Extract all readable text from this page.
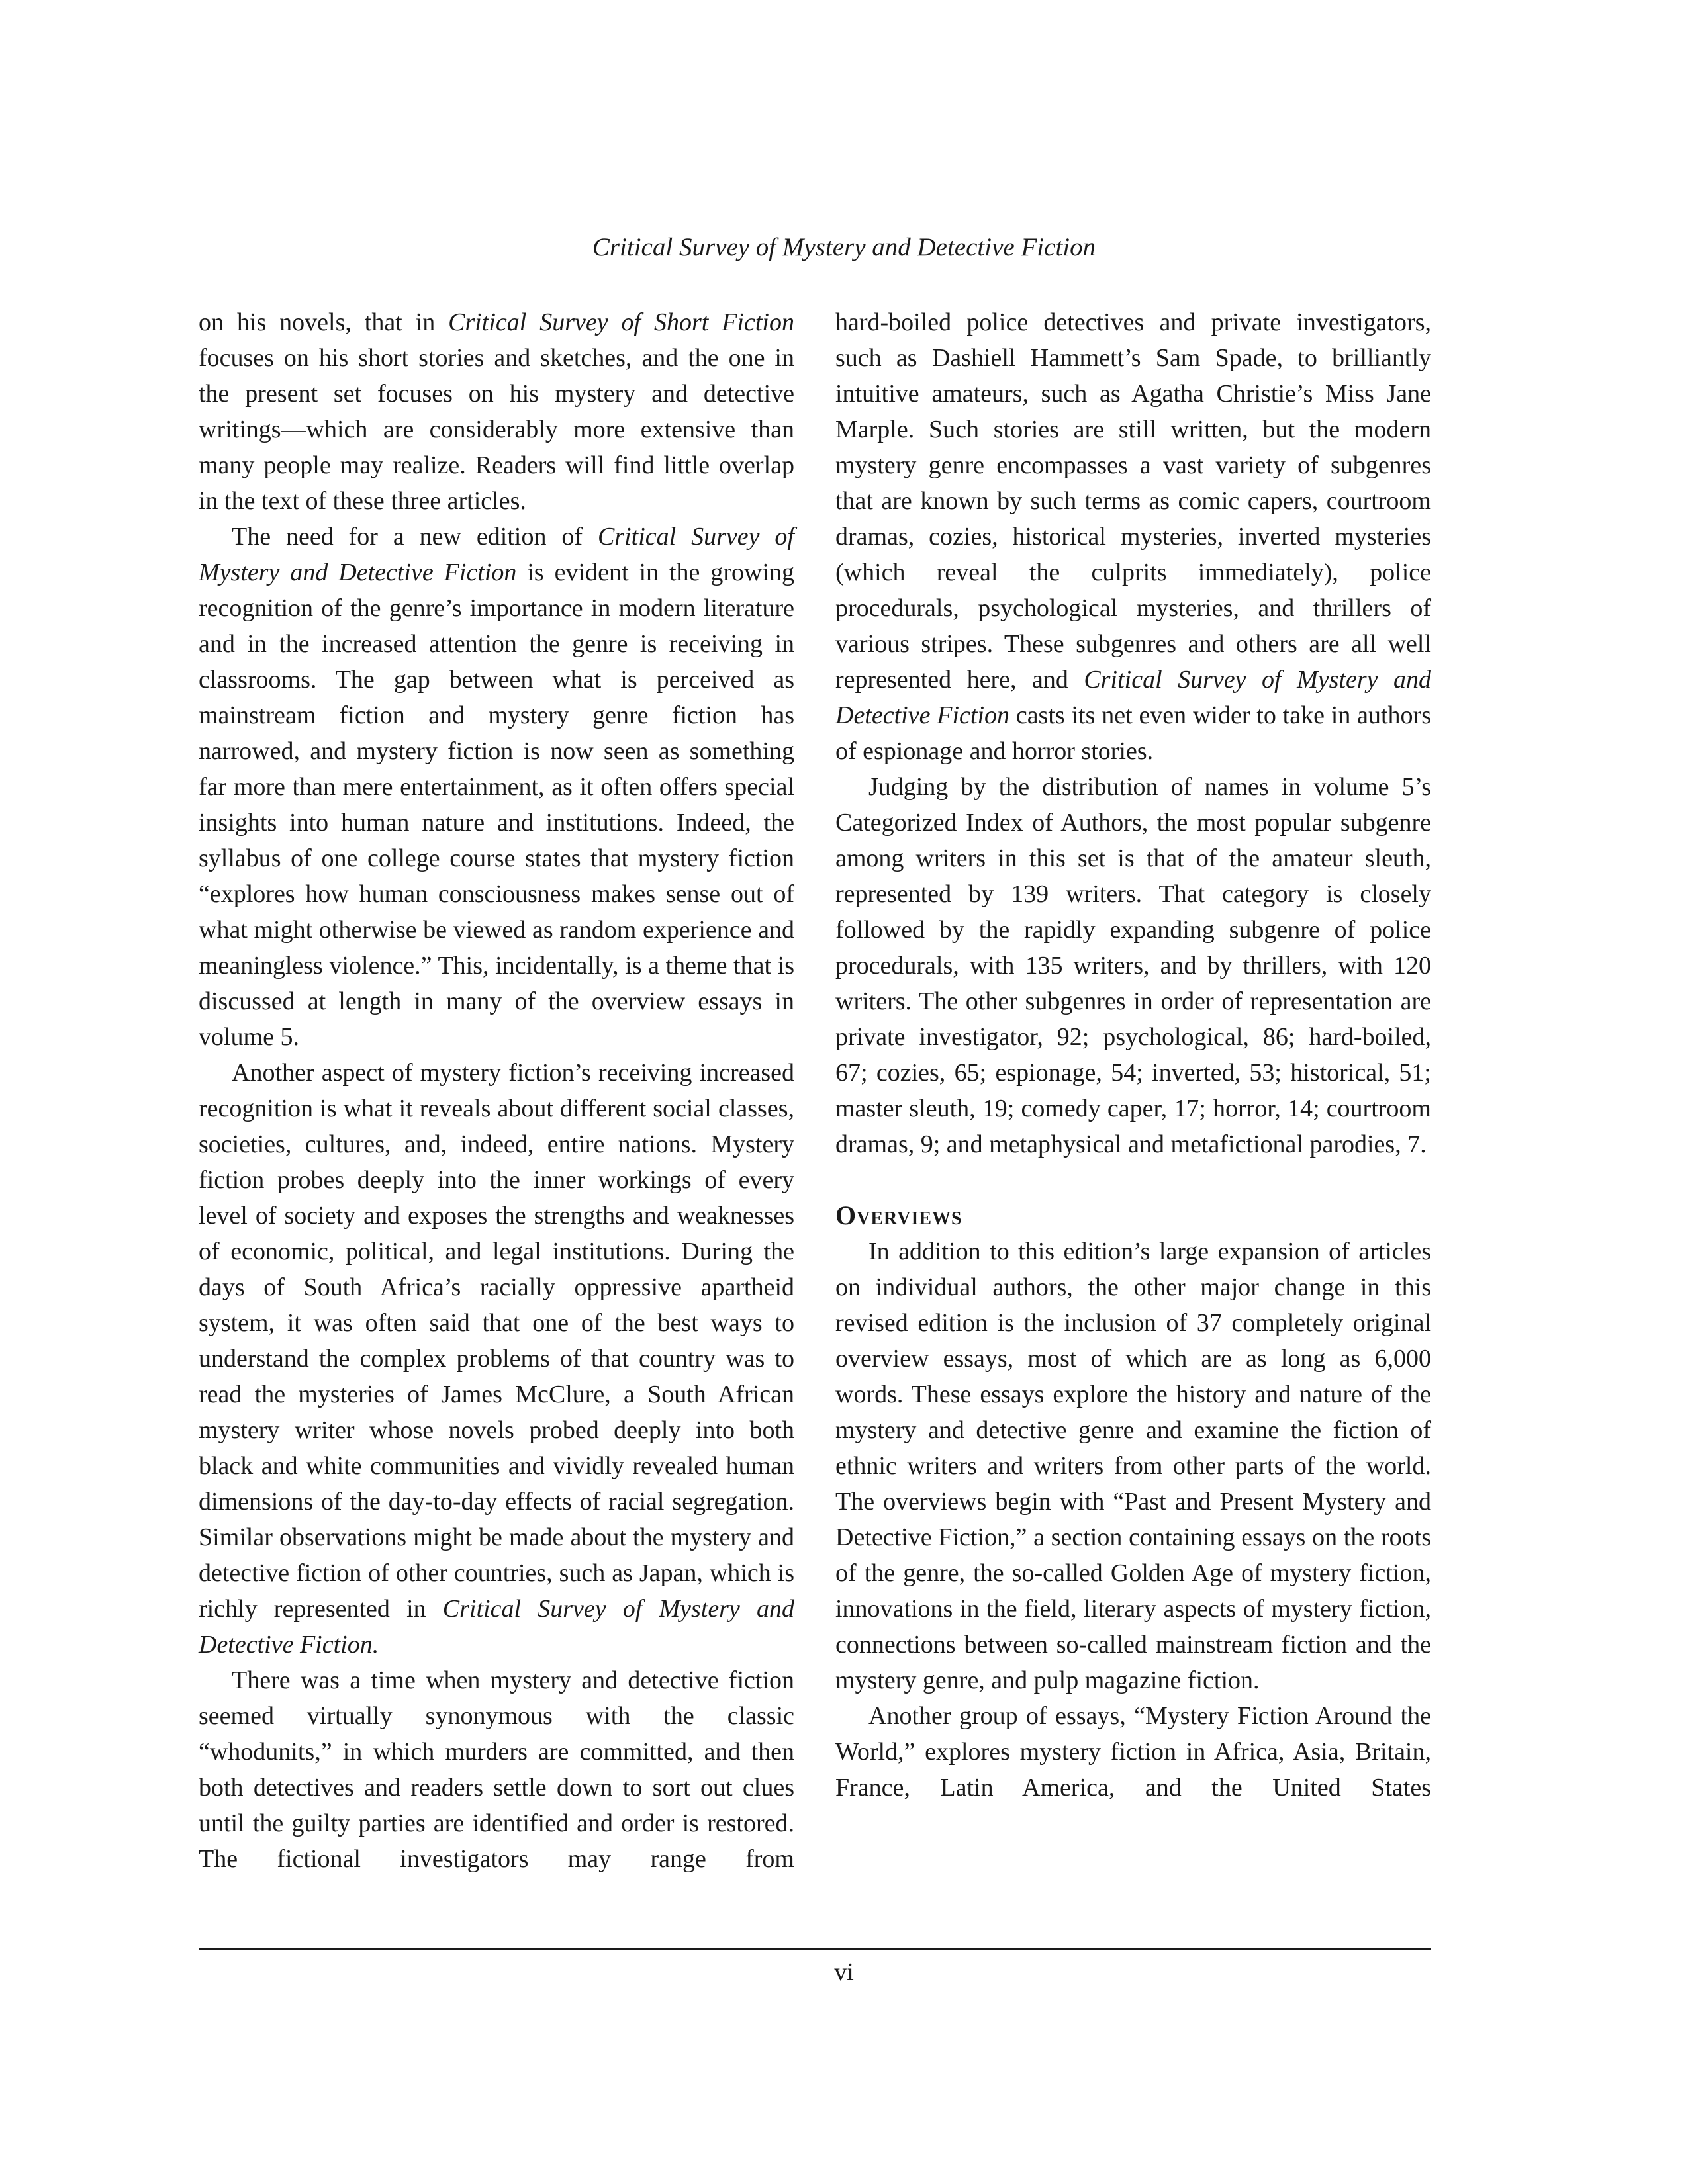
Critical Survey of Mystery and Detective Fiction

on his novels, that in Critical Survey of Short Fiction focuses on his short stories and sketches, and the one in the present set focuses on his mystery and detective writings—which are considerably more extensive than many people may realize. Readers will find little overlap in the text of these three articles.

The need for a new edition of Critical Survey of Mystery and Detective Fiction is evident in the growing recognition of the genre’s importance in modern literature and in the increased attention the genre is receiving in classrooms. The gap between what is perceived as mainstream fiction and mystery genre fiction has narrowed, and mystery fiction is now seen as something far more than mere entertainment, as it often offers special insights into human nature and institutions. Indeed, the syllabus of one college course states that mystery fiction “explores how human consciousness makes sense out of what might otherwise be viewed as random experience and meaningless violence.” This, incidentally, is a theme that is discussed at length in many of the overview essays in volume 5.

Another aspect of mystery fiction’s receiving increased recognition is what it reveals about different social classes, societies, cultures, and, indeed, entire nations. Mystery fiction probes deeply into the inner workings of every level of society and exposes the strengths and weaknesses of economic, political, and legal institutions. During the days of South Africa’s racially oppressive apartheid system, it was often said that one of the best ways to understand the complex problems of that country was to read the mysteries of James McClure, a South African mystery writer whose novels probed deeply into both black and white communities and vividly revealed human dimensions of the day-to-day effects of racial segregation. Similar observations might be made about the mystery and detective fiction of other countries, such as Japan, which is richly represented in Critical Survey of Mystery and Detective Fiction.

There was a time when mystery and detective fiction seemed virtually synonymous with the classic “whodunits,” in which murders are committed, and then both detectives and readers settle down to sort out clues until the guilty parties are identified and order is restored. The fictional investigators may range from

hard-boiled police detectives and private investigators, such as Dashiell Hammett’s Sam Spade, to brilliantly intuitive amateurs, such as Agatha Christie’s Miss Jane Marple. Such stories are still written, but the modern mystery genre encompasses a vast variety of subgenres that are known by such terms as comic capers, courtroom dramas, cozies, historical mysteries, inverted mysteries (which reveal the culprits immediately), police procedurals, psychological mysteries, and thrillers of various stripes. These subgenres and others are all well represented here, and Critical Survey of Mystery and Detective Fiction casts its net even wider to take in authors of espionage and horror stories.

Judging by the distribution of names in volume 5’s Categorized Index of Authors, the most popular subgenre among writers in this set is that of the amateur sleuth, represented by 139 writers. That category is closely followed by the rapidly expanding subgenre of police procedurals, with 135 writers, and by thrillers, with 120 writers. The other subgenres in order of representation are private investigator, 92; psychological, 86; hard-boiled, 67; cozies, 65; espionage, 54; inverted, 53; historical, 51; master sleuth, 19; comedy caper, 17; horror, 14; courtroom dramas, 9; and metaphysical and metafictional parodies, 7.

Overviews

In addition to this edition’s large expansion of articles on individual authors, the other major change in this revised edition is the inclusion of 37 completely original overview essays, most of which are as long as 6,000 words. These essays explore the history and nature of the mystery and detective genre and examine the fiction of ethnic writers and writers from other parts of the world. The overviews begin with “Past and Present Mystery and Detective Fiction,” a section containing essays on the roots of the genre, the so-called Golden Age of mystery fiction, innovations in the field, literary aspects of mystery fiction, connections between so-called mainstream fiction and the mystery genre, and pulp magazine fiction.

Another group of essays, “Mystery Fiction Around the World,” explores mystery fiction in Africa, Asia, Britain, France, Latin America, and the United States

vi
